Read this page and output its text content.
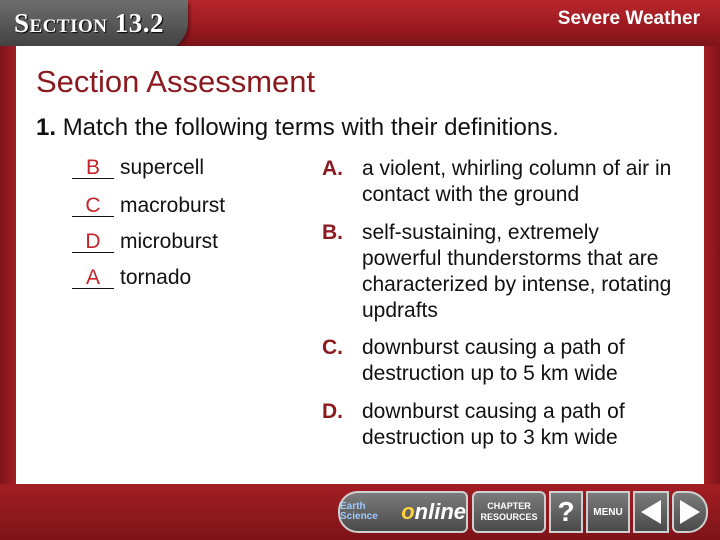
Section 13.2	Severe Weather
Section Assessment
1. Match the following terms with their definitions.
B supercell
C macroburst
D microburst
A tornado
A. a violent, whirling column of air in contact with the ground
B. self-sustaining, extremely powerful thunderstorms that are characterized by intense, rotating updrafts
C. downburst causing a path of destruction up to 5 km wide
D. downburst causing a path of destruction up to 3 km wide
Earth Science	online	CHAPTER RESOURCES ? MENU
